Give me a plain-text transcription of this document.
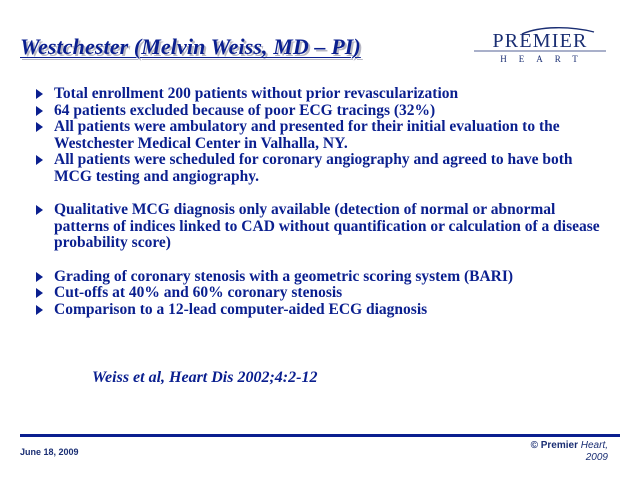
Westchester (Melvin Weiss, MD – PI)	PREMIER
HEART
Total enrollment 200 patients without prior revascularization
64 patients excluded because of poor ECG tracings (32%)
All patients were ambulatory and presented for their initial evaluation to the Westchester Medical Center in Valhalla, NY.
All patients were scheduled for coronary angiography and agreed to have both MCG testing and angiography.
Qualitative MCG diagnosis only available (detection of normal or abnormal patterns of indices linked to CAD without quantification or calculation of a disease probability score)
Grading of coronary stenosis with a geometric scoring system (BARI)
Cut-offs at 40% and 60% coronary stenosis
Comparison to a 12-lead computer-aided ECG diagnosis
Weiss et al, Heart Dis 2002;4:2-12
June 18, 2009
© Premier Heart,
2009
